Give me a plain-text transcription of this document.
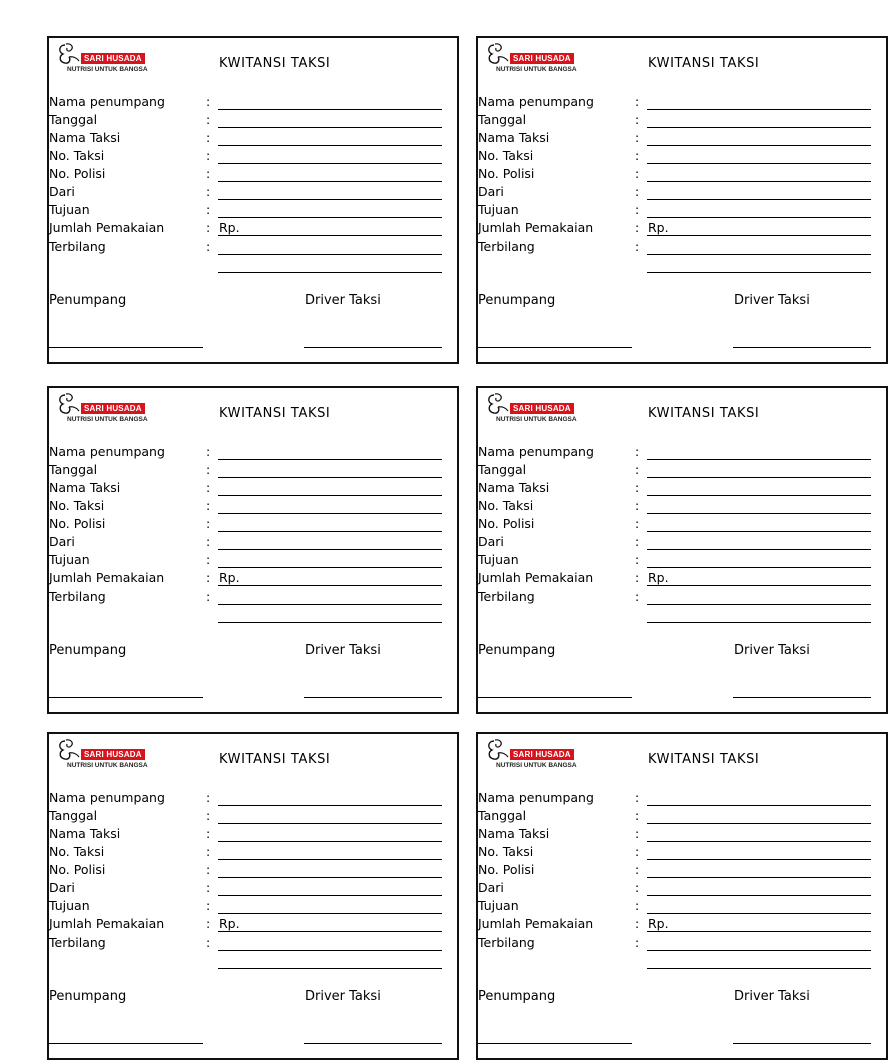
SARI HUSADA
NUTRISI UNTUK BANGSA	KWITANSI TAKSI
Nama penumpang	:
Tanggal	:
Nama Taksi	:
No. Taksi	:
No. Polisi	:
Dari	:
Tujuan	:
Jumlah Pemakaian	: Rp.
Terbilang	:
Penumpang	Driver Taksi
SARI HUSADA
NUTRISI UNTUK BANGSA	KWITANSI TAKSI
Nama penumpang	:
Tanggal	:
Nama Taksi	:
No. Taksi	:
No. Polisi	:
Dari	:
Tujuan	:
Jumlah Pemakaian	: Rp.
Terbilang	:
Penumpang	Driver Taksi
SARI HUSADA
NUTRISI UNTUK BANGSA	KWITANSI TAKSI
Nama penumpang	:
Tanggal	:
Nama Taksi	:
No. Taksi	:
No. Polisi	:
Dari	:
Tujuan	:
Jumlah Pemakaian	: Rp.
Terbilang	:
Penumpang	Driver Taksi
SARI HUSADA
NUTRISI UNTUK BANGSA	KWITANSI TAKSI
Nama penumpang	:
Tanggal	:
Nama Taksi	:
No. Taksi	:
No. Polisi	:
Dari	:
Tujuan	:
Jumlah Pemakaian	: Rp.
Terbilang	:
Penumpang	Driver Taksi
SARI HUSADA
NUTRISI UNTUK BANGSA	KWITANSI TAKSI
Nama penumpang	:
Tanggal	:
Nama Taksi	:
No. Taksi	:
No. Polisi	:
Dari	:
Tujuan	:
Jumlah Pemakaian	: Rp.
Terbilang	:
Penumpang	Driver Taksi
SARI HUSADA
NUTRISI UNTUK BANGSA	KWITANSI TAKSI
Nama penumpang	:
Tanggal	:
Nama Taksi	:
No. Taksi	:
No. Polisi	:
Dari	:
Tujuan	:
Jumlah Pemakaian	: Rp.
Terbilang	:
Penumpang	Driver Taksi
